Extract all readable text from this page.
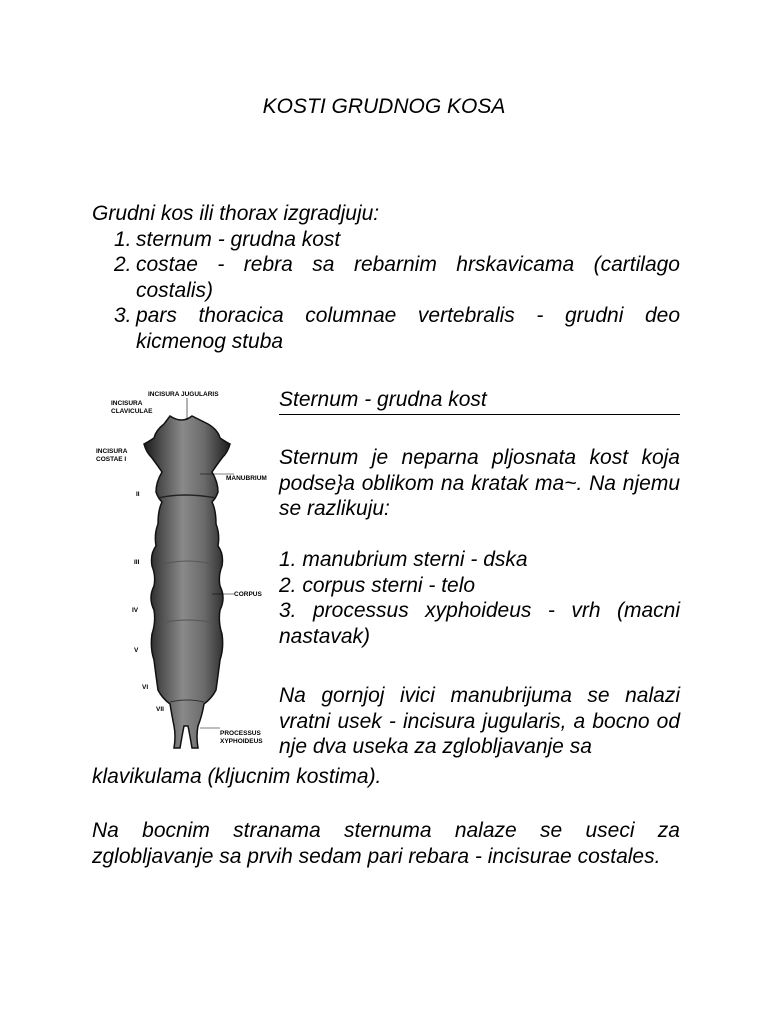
KOSTI GRUDNOG KOSA
Grudni kos ili thorax izgradjuju:
1. sternum - grudna kost
2. costae - rebra sa rebarnim hrskavicama (cartilago costalis)
3. pars thoracica columnae vertebralis - grudni deo kicmenog stuba
INCISURA JUGULARIS
INCISURA
CLAVICULAE
INCISURA
COSTAE I
MANUBRIUM
II
III
CORPUS
IV
V
VI
VII
PROCESSUS
XYPHOIDEUS
Sternum - grudna kost
Sternum je neparna pljosnata kost koja podse}a oblikom na kratak ma~. Na njemu se razlikuju:
1. manubrium sterni - dska
2. corpus sterni - telo
3. processus xyphoideus - vrh (macni nastavak)
Na gornjoj ivici manubrijuma se nalazi vratni usek - incisura jugularis, a bocno od nje dva useka za zglobljavanje sa
klavikulama (kljucnim kostima).
Na bocnim stranama sternuma nalaze se useci za zglobljavanje sa prvih sedam pari rebara - incisurae costales.
